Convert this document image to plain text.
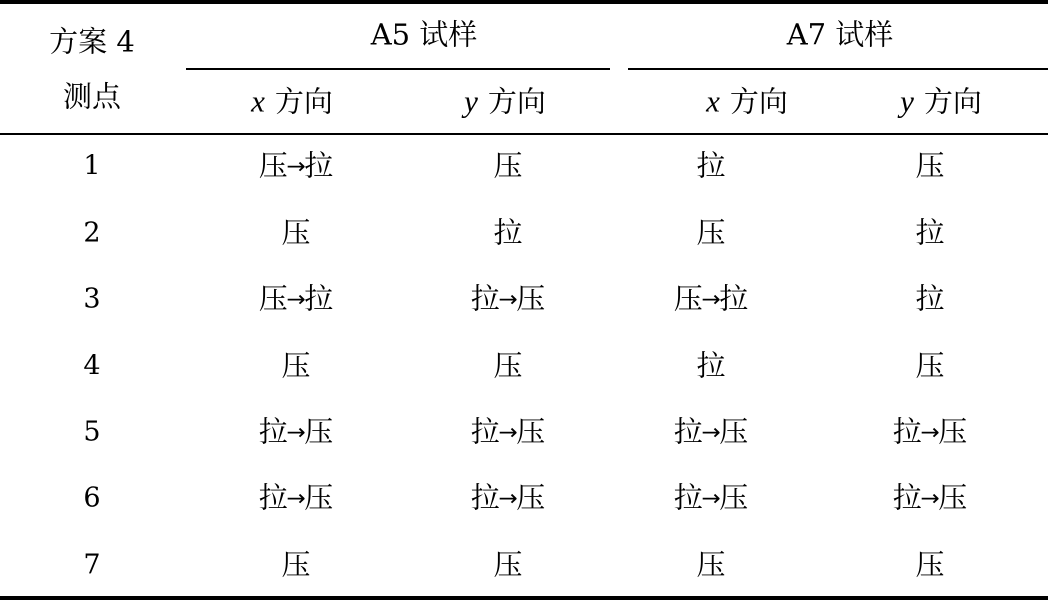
方案 4
测点
A5 试样	A7 试样
x 方向	y 方向	x 方向	y 方向
1	压→拉	压	拉	压
2	压	拉	压	拉
3	压→拉	拉→压	压→拉	拉
4	压	压	拉	压
5	拉→压	拉→压	拉→压	拉→压
6	拉→压	拉→压	拉→压	拉→压
7	压	压	压	压
